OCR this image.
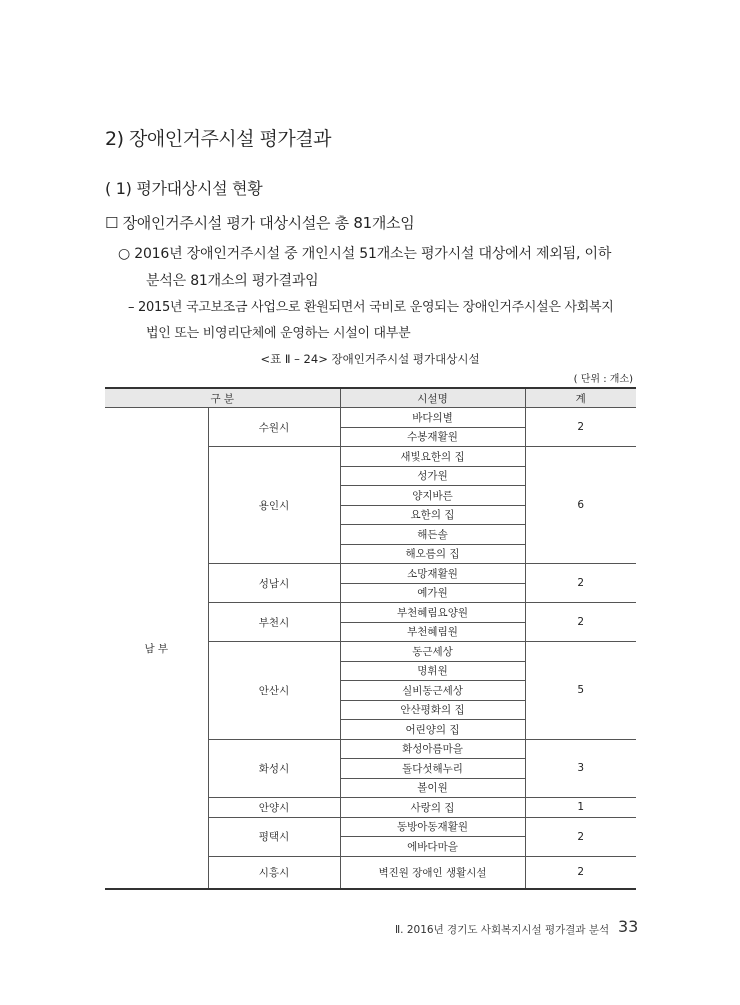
2) 장애인거주시설 평가결과
( 1) 평가대상시설 현황
☐ 장애인거주시설 평가 대상시설은 총 81개소임
○ 2016년 장애인거주시설 중 개인시설 51개소는 평가시설 대상에서 제외됨, 이하
분석은 81개소의 평가결과임
– 2015년 국고보조금 사업으로 환원되면서 국비로 운영되는 장애인거주시설은 사회복지
법인 또는 비영리단체에 운영하는 시설이 대부분
<표 Ⅱ – 24> 장애인거주시설 평가대상시설
( 단위 : 개소)
구 분		시설명	계
남 부	수원시	바다의별	2
		수봉재활원	
	용인시	새빛요한의 집	6
		성가원	
		양지바른	
		요한의 집	
		해든솔	
		해오름의 집	
	성남시	소망재활원	2
		예가원	
	부천시	부천혜림요양원	2
		부천혜림원	
	안산시	동근세상	5
		명휘원	
		실비동근세상	
		안산평화의 집	
		어린양의 집	
	화성시	화성아름마을	3
		돌다섯해누리	
		볼이원	
	안양시	사랑의 집	1
	평택시	동방아동재활원	2
		에바다마을	
	시흥시	벽진원 장애인 생활시설	2
Ⅱ. 2016년 경기도 사회복지시설 평가결과 분석 33
